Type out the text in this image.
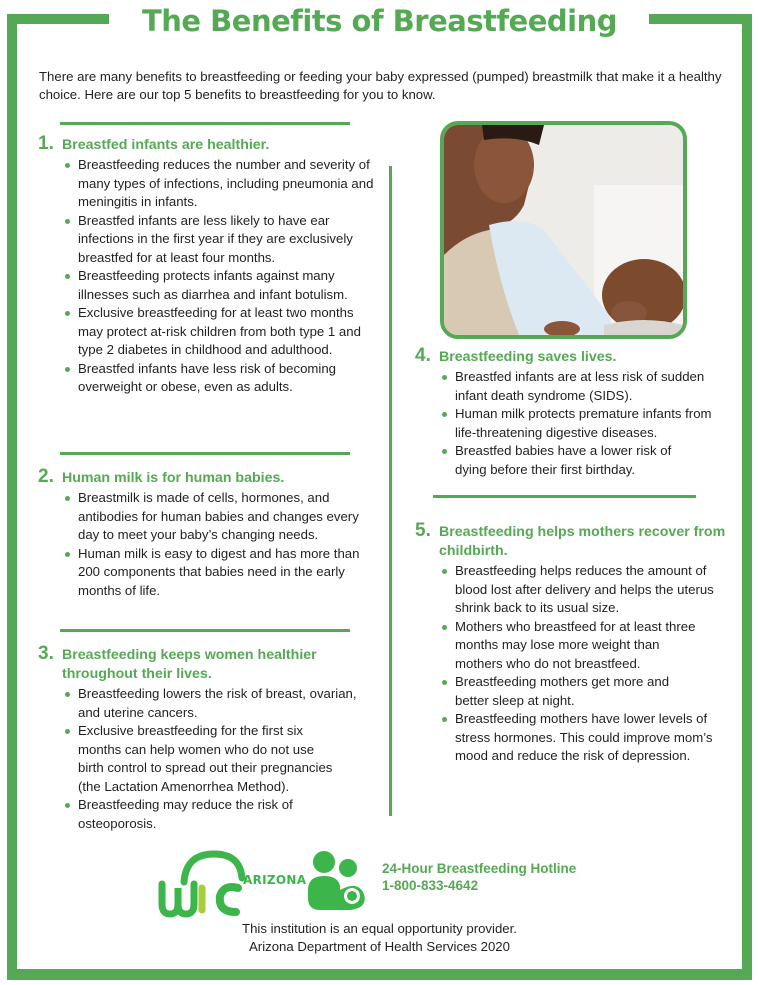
The Benefits of Breastfeeding

There are many benefits to breastfeeding or feeding your baby expressed (pumped) breastmilk that make it a healthy choice. Here are our top 5 benefits to breastfeeding for you to know.

1. Breastfed infants are healthier.
Breastfeeding reduces the number and severity of many types of infections, including pneumonia and meningitis in infants.
Breastfed infants are less likely to have ear infections in the first year if they are exclusively breastfed for at least four months.
Breastfeeding protects infants against many illnesses such as diarrhea and infant botulism.
Exclusive breastfeeding for at least two months may protect at-risk children from both type 1 and type 2 diabetes in childhood and adulthood.
Breastfed infants have less risk of becoming overweight or obese, even as adults.
2. Human milk is for human babies.
Breastmilk is made of cells, hormones, and antibodies for human babies and changes every day to meet your baby’s changing needs.
Human milk is easy to digest and has more than 200 components that babies need in the early months of life.
3. Breastfeeding keeps women healthier throughout their lives.
Breastfeeding lowers the risk of breast, ovarian, and uterine cancers.
Exclusive breastfeeding for the first six months can help women who do not use birth control to spread out their pregnancies (the Lactation Amenorrhea Method).
Breastfeeding may reduce the risk of osteoporosis.
4. Breastfeeding saves lives.
Breastfed infants are at less risk of sudden infant death syndrome (SIDS).
Human milk protects premature infants from life-threatening digestive diseases.
Breastfed babies have a lower risk of dying before their first birthday.
5. Breastfeeding helps mothers recover from childbirth.
Breastfeeding helps reduces the amount of blood lost after delivery and helps the uterus shrink back to its usual size.
Mothers who breastfeed for at least three months may lose more weight than mothers who do not breastfeed.
Breastfeeding mothers get more and better sleep at night.
Breastfeeding mothers have lower levels of stress hormones. This could improve mom’s mood and reduce the risk of depression.
ARIZONA
24-Hour Breastfeeding Hotline
1-800-833-4642
This institution is an equal opportunity provider.
Arizona Department of Health Services 2020
